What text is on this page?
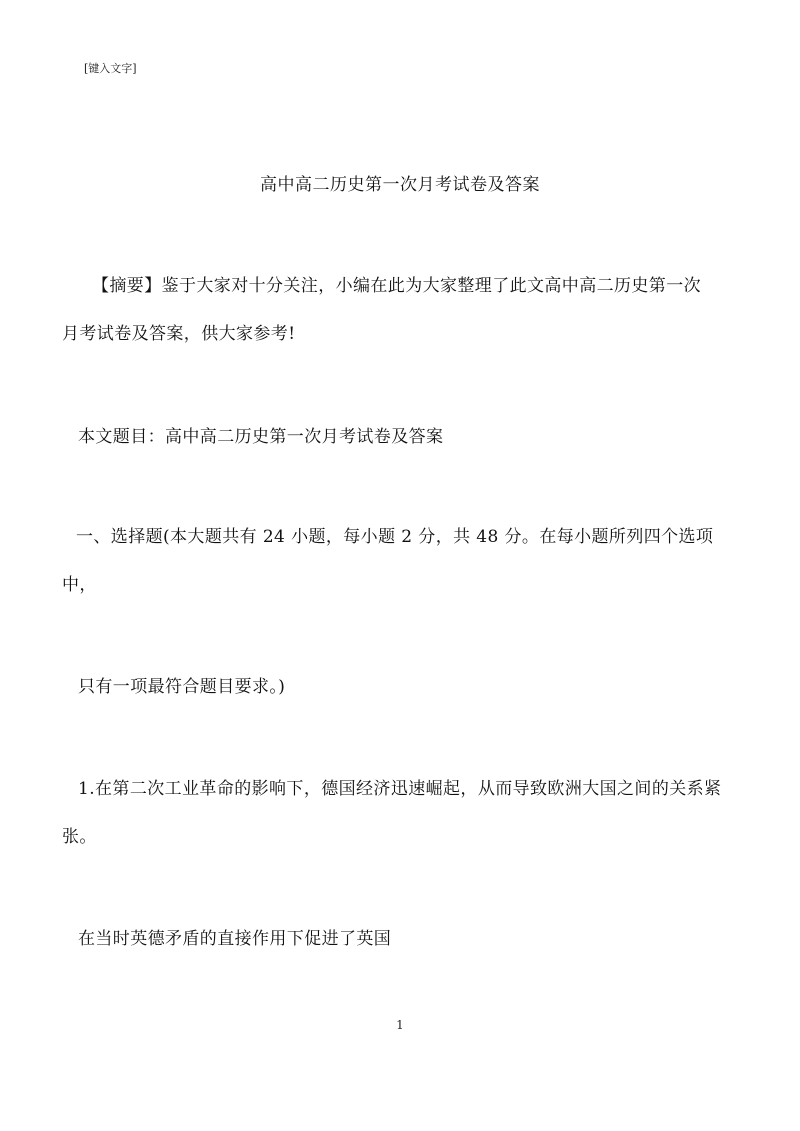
[键入文字]
高中高二历史第一次月考试卷及答案
【摘要】鉴于大家对十分关注，小编在此为大家整理了此文高中高二历史第一次
月考试卷及答案，供大家参考!
本文题目：高中高二历史第一次月考试卷及答案
一、选择题(本大题共有 24 小题，每小题 2 分，共 48 分。在每小题所列四个选项
中，
只有一项最符合题目要求。)
1.在第二次工业革命的影响下，德国经济迅速崛起，从而导致欧洲大国之间的关系紧
张。
在当时英德矛盾的直接作用下促进了英国
1
